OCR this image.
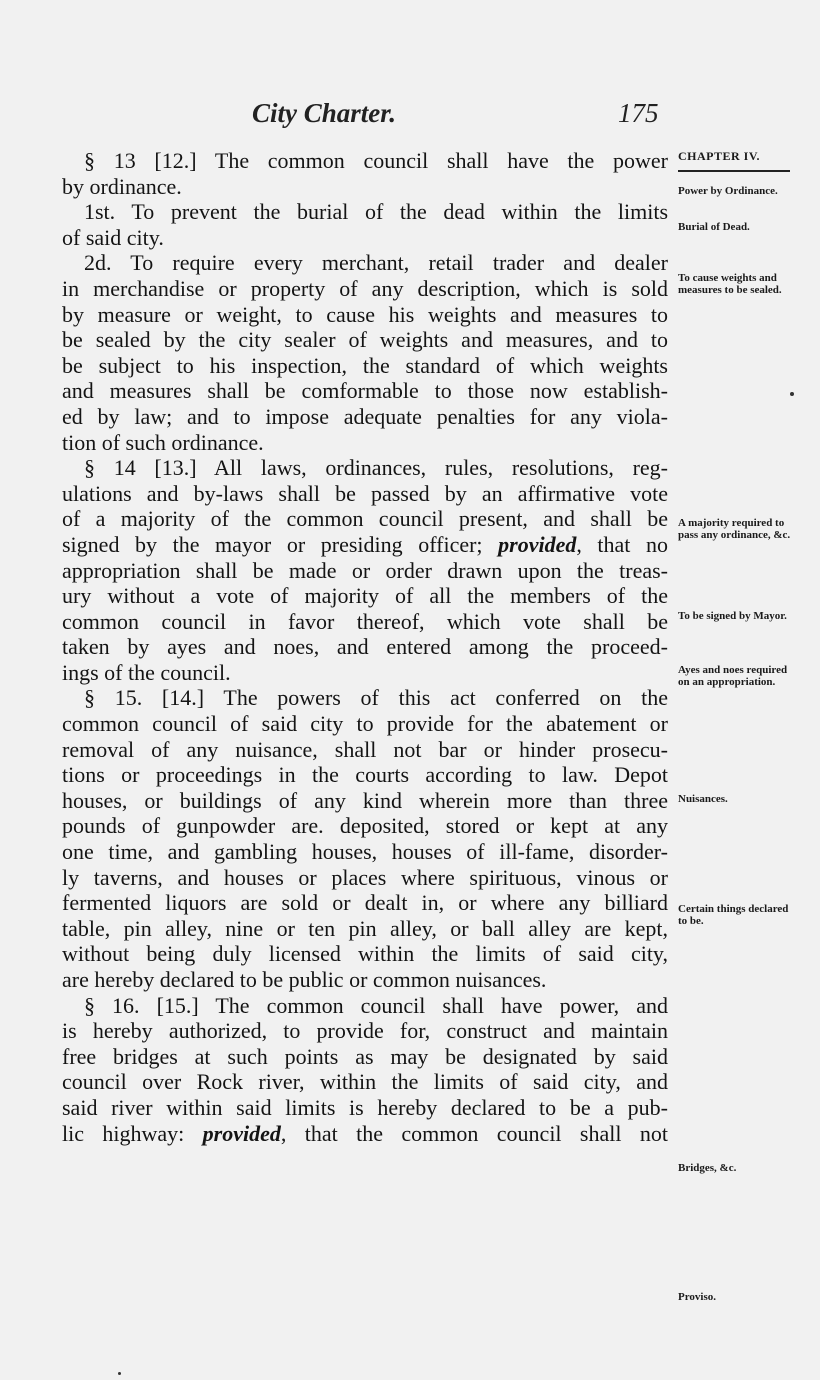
City Charter.	175
§ 13 [12.] The common council shall have the power
by ordinance.
1st. To prevent the burial of the dead within the limits
of said city.
2d. To require every merchant, retail trader and dealer
in merchandise or property of any description, which is sold
by measure or weight, to cause his weights and measures to
be sealed by the city sealer of weights and measures, and to
be subject to his inspection, the standard of which weights
and measures shall be comformable to those now establish-
ed by law; and to impose adequate penalties for any viola-
tion of such ordinance.
§ 14 [13.] All laws, ordinances, rules, resolutions, reg-
ulations and by-laws shall be passed by an affirmative vote
of a majority of the common council present, and shall be
signed by the mayor or presiding officer; provided, that no
appropriation shall be made or order drawn upon the treas-
ury without a vote of majority of all the members of the
common council in favor thereof, which vote shall be
taken by ayes and noes, and entered among the proceed-
ings of the council.
§ 15. [14.] The powers of this act conferred on the
common council of said city to provide for the abatement or
removal of any nuisance, shall not bar or hinder prosecu-
tions or proceedings in the courts according to law. Depot
houses, or buildings of any kind wherein more than three
pounds of gunpowder are. deposited, stored or kept at any
one time, and gambling houses, houses of ill-fame, disorder-
ly taverns, and houses or places where spirituous, vinous or
fermented liquors are sold or dealt in, or where any billiard
table, pin alley, nine or ten pin alley, or ball alley are kept,
without being duly licensed within the limits of said city,
are hereby declared to be public or common nuisances.
§ 16. [15.] The common council shall have power, and
is hereby authorized, to provide for, construct and maintain
free bridges at such points as may be designated by said
council over Rock river, within the limits of said city, and
said river within said limits is hereby declared to be a pub-
lic highway: provided, that the common council shall not
CHAPTER IV.
Power by Ordinance.
Burial of Dead.
To cause weights and measures to be sealed.
A majority required to pass any ordinance, &c.
To be signed by Mayor.
Ayes and noes required on an appropriation.
Nuisances.
Certain things declared to be.
Bridges, &c.
Proviso.
